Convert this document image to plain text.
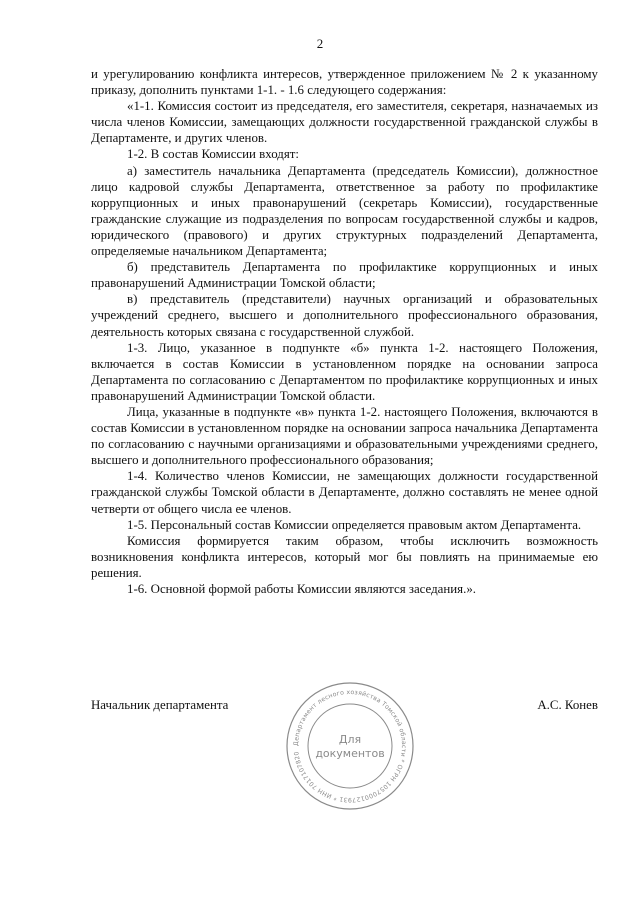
2

и урегулированию конфликта интересов, утвержденное приложением № 2 к указанному приказу, дополнить пунктами 1-1. - 1.6 следующего содержания:

«1-1. Комиссия состоит из председателя, его заместителя, секретаря, назначаемых из числа членов Комиссии, замещающих должности государственной гражданской службы в Департаменте, и других членов.

1-2. В состав Комиссии входят:

а) заместитель начальника Департамента (председатель Комиссии), должностное лицо кадровой службы Департамента, ответственное за работу по профилактике коррупционных и иных правонарушений (секретарь Комиссии), государственные гражданские служащие из подразделения по вопросам государственной службы и кадров, юридического (правового) и других структурных подразделений Департамента, определяемые начальником Департамента;

б) представитель Департамента по профилактике коррупционных и иных правонарушений Администрации Томской области;

в) представитель (представители) научных организаций и образовательных учреждений среднего, высшего и дополнительного профессионального образования, деятельность которых связана с государственной службой.

1-3. Лицо, указанное в подпункте «б» пункта 1-2. настоящего Положения, включается в состав Комиссии в установленном порядке на основании запроса Департамента по согласованию с Департаментом по профилактике коррупционных и иных правонарушений Администрации Томской области.

Лица, указанные в подпункте «в» пункта 1-2. настоящего Положения, включаются в состав Комиссии в установленном порядке на основании запроса начальника Департамента по согласованию с научными организациями и образовательными учреждениями среднего, высшего и дополнительного профессионального образования;

1-4. Количество членов Комиссии, не замещающих должности государственной гражданской службы Томской области в Департаменте, должно составлять не менее одной четверти от общего числа ее членов.

1-5. Персональный состав Комиссии определяется правовым актом Департамента.

Комиссия формируется таким образом, чтобы исключить возможность возникновения конфликта интересов, который мог бы повлиять на принимаемые ею решения.

1-6. Основной формой работы Комиссии являются заседания.».

Начальник департамента	А.С. Конев
Департамент лесного хозяйства Томской области * ОГРН 1057000127931 * ИНН 7017107820
Для
документов
